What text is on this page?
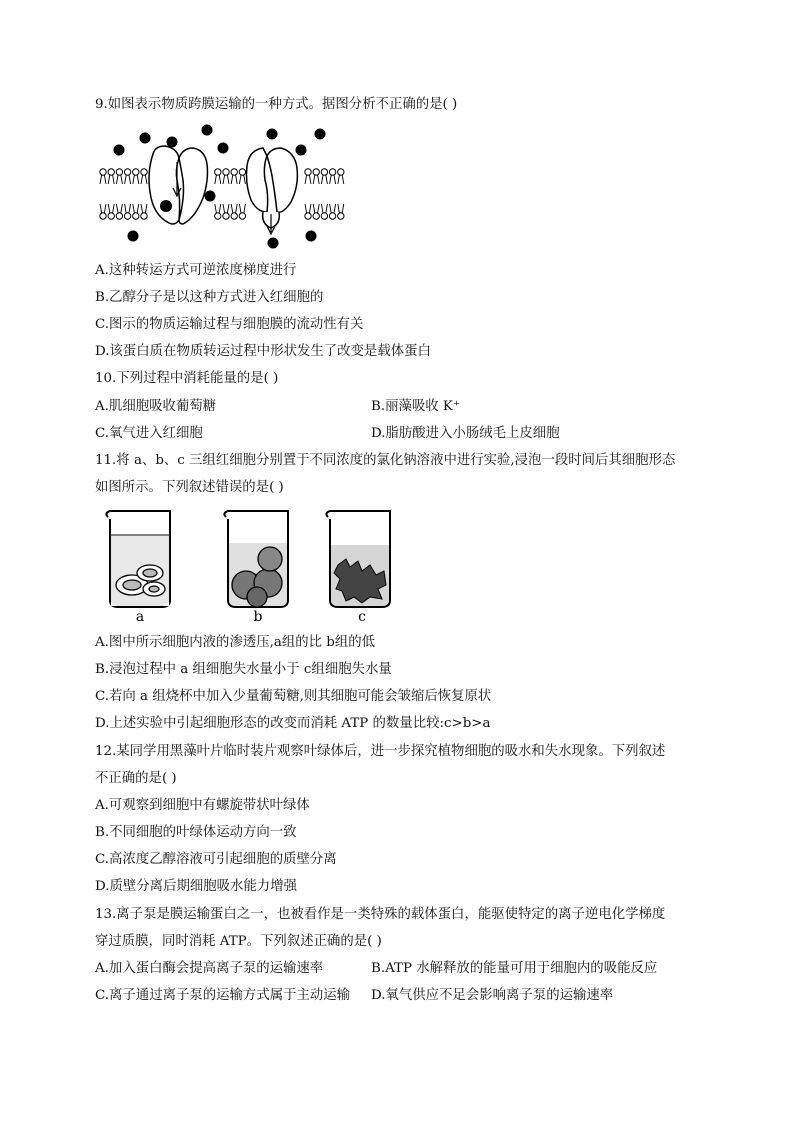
9.如图表示物质跨膜运输的一种方式。据图分析不正确的是( )
A.这种转运方式可逆浓度梯度进行
B.乙醇分子是以这种方式进入红细胞的
C.图示的物质运输过程与细胞膜的流动性有关
D.该蛋白质在物质转运过程中形状发生了改变是载体蛋白
10.下列过程中消耗能量的是( )
A.肌细胞吸收葡萄糖	B.丽藻吸收 K⁺
C.氧气进入红细胞	D.脂肪酸进入小肠绒毛上皮细胞
11.将 a、b、c 三组红细胞分别置于不同浓度的氯化钠溶液中进行实验,浸泡一段时间后其细胞形态
如图所示。下列叙述错误的是( )
a	b	c
A.图中所示细胞内液的渗透压,a组的比 b组的低
B.浸泡过程中 a 组细胞失水量小于 c组细胞失水量
C.若向 a 组烧杯中加入少量葡萄糖,则其细胞可能会皱缩后恢复原状
D.上述实验中引起细胞形态的改变而消耗 ATP 的数量比较:c>b>a
12.某同学用黑藻叶片临时装片观察叶绿体后，进一步探究植物细胞的吸水和失水现象。下列叙述
不正确的是( )
A.可观察到细胞中有螺旋带状叶绿体
B.不同细胞的叶绿体运动方向一致
C.高浓度乙醇溶液可引起细胞的质壁分离
D.质壁分离后期细胞吸水能力增强
13.离子泵是膜运输蛋白之一，也被看作是一类特殊的载体蛋白，能驱使特定的离子逆电化学梯度
穿过质膜，同时消耗 ATP。下列叙述正确的是( )
A.加入蛋白酶会提高离子泵的运输速率	B.ATP 水解释放的能量可用于细胞内的吸能反应
C.离子通过离子泵的运输方式属于主动运输 D.氧气供应不足会影响离子泵的运输速率
